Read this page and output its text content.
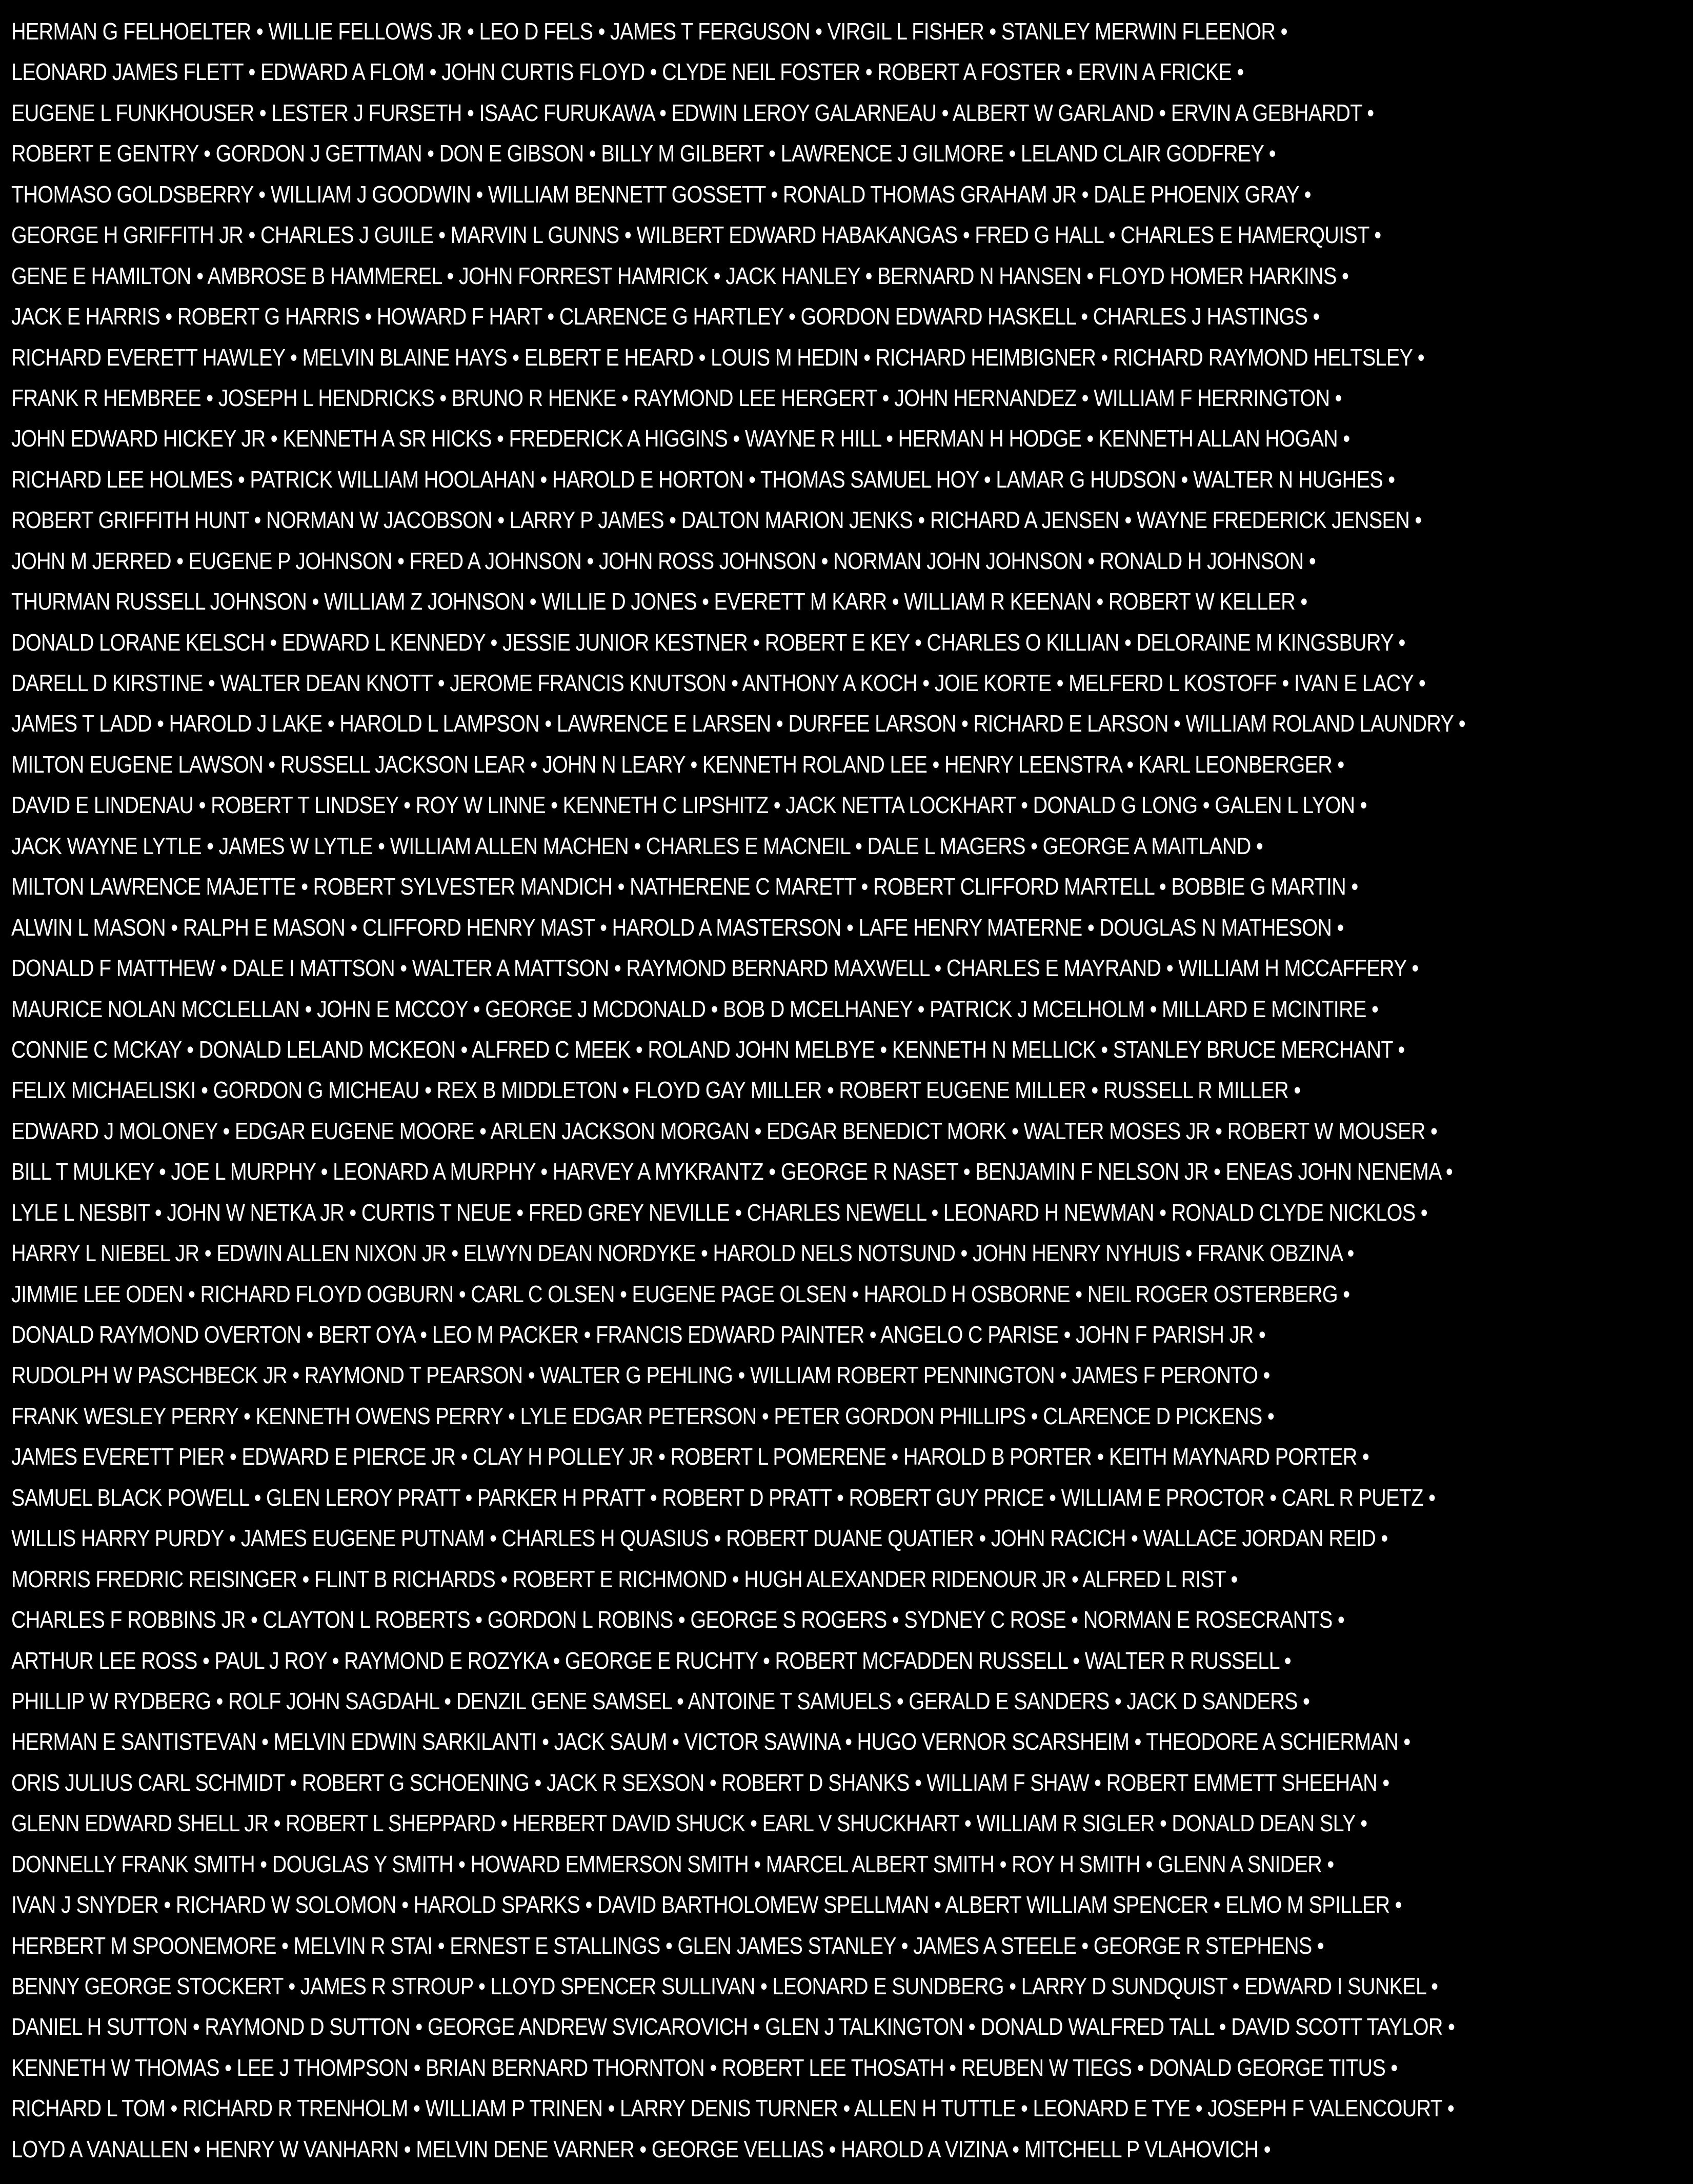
HERMAN G FELHOELTER • WILLIE FELLOWS JR • LEO D FELS • JAMES T FERGUSON • VIRGIL L FISHER • STANLEY MERWIN FLEENOR •
LEONARD JAMES FLETT • EDWARD A FLOM • JOHN CURTIS FLOYD • CLYDE NEIL FOSTER • ROBERT A FOSTER • ERVIN A FRICKE •
EUGENE L FUNKHOUSER • LESTER J FURSETH • ISAAC FURUKAWA • EDWIN LEROY GALARNEAU • ALBERT W GARLAND • ERVIN A GEBHARDT •
ROBERT E GENTRY • GORDON J GETTMAN • DON E GIBSON • BILLY M GILBERT • LAWRENCE J GILMORE • LELAND CLAIR GODFREY •
THOMASO GOLDSBERRY • WILLIAM J GOODWIN • WILLIAM BENNETT GOSSETT • RONALD THOMAS GRAHAM JR • DALE PHOENIX GRAY •
GEORGE H GRIFFITH JR • CHARLES J GUILE • MARVIN L GUNNS • WILBERT EDWARD HABAKANGAS • FRED G HALL • CHARLES E HAMERQUIST •
GENE E HAMILTON • AMBROSE B HAMMEREL • JOHN FORREST HAMRICK • JACK HANLEY • BERNARD N HANSEN • FLOYD HOMER HARKINS •
JACK E HARRIS • ROBERT G HARRIS • HOWARD F HART • CLARENCE G HARTLEY • GORDON EDWARD HASKELL • CHARLES J HASTINGS •
RICHARD EVERETT HAWLEY • MELVIN BLAINE HAYS • ELBERT E HEARD • LOUIS M HEDIN • RICHARD HEIMBIGNER • RICHARD RAYMOND HELTSLEY •
FRANK R HEMBREE • JOSEPH L HENDRICKS • BRUNO R HENKE • RAYMOND LEE HERGERT • JOHN HERNANDEZ • WILLIAM F HERRINGTON •
JOHN EDWARD HICKEY JR • KENNETH A SR HICKS • FREDERICK A HIGGINS • WAYNE R HILL • HERMAN H HODGE • KENNETH ALLAN HOGAN •
RICHARD LEE HOLMES • PATRICK WILLIAM HOOLAHAN • HAROLD E HORTON • THOMAS SAMUEL HOY • LAMAR G HUDSON • WALTER N HUGHES •
ROBERT GRIFFITH HUNT • NORMAN W JACOBSON • LARRY P JAMES • DALTON MARION JENKS • RICHARD A JENSEN • WAYNE FREDERICK JENSEN •
JOHN M JERRED • EUGENE P JOHNSON • FRED A JOHNSON • JOHN ROSS JOHNSON • NORMAN JOHN JOHNSON • RONALD H JOHNSON •
THURMAN RUSSELL JOHNSON • WILLIAM Z JOHNSON • WILLIE D JONES • EVERETT M KARR • WILLIAM R KEENAN • ROBERT W KELLER •
DONALD LORANE KELSCH • EDWARD L KENNEDY • JESSIE JUNIOR KESTNER • ROBERT E KEY • CHARLES O KILLIAN • DELORAINE M KINGSBURY •
DARELL D KIRSTINE • WALTER DEAN KNOTT • JEROME FRANCIS KNUTSON • ANTHONY A KOCH • JOIE KORTE • MELFERD L KOSTOFF • IVAN E LACY •
JAMES T LADD • HAROLD J LAKE • HAROLD L LAMPSON • LAWRENCE E LARSEN • DURFEE LARSON • RICHARD E LARSON • WILLIAM ROLAND LAUNDRY •
MILTON EUGENE LAWSON • RUSSELL JACKSON LEAR • JOHN N LEARY • KENNETH ROLAND LEE • HENRY LEENSTRA • KARL LEONBERGER •
DAVID E LINDENAU • ROBERT T LINDSEY • ROY W LINNE • KENNETH C LIPSHITZ • JACK NETTA LOCKHART • DONALD G LONG • GALEN L LYON •
JACK WAYNE LYTLE • JAMES W LYTLE • WILLIAM ALLEN MACHEN • CHARLES E MACNEIL • DALE L MAGERS • GEORGE A MAITLAND •
MILTON LAWRENCE MAJETTE • ROBERT SYLVESTER MANDICH • NATHERENE C MARETT • ROBERT CLIFFORD MARTELL • BOBBIE G MARTIN •
ALWIN L MASON • RALPH E MASON • CLIFFORD HENRY MAST • HAROLD A MASTERSON • LAFE HENRY MATERNE • DOUGLAS N MATHESON •
DONALD F MATTHEW • DALE I MATTSON • WALTER A MATTSON • RAYMOND BERNARD MAXWELL • CHARLES E MAYRAND • WILLIAM H MCCAFFERY •
MAURICE NOLAN MCCLELLAN • JOHN E MCCOY • GEORGE J MCDONALD • BOB D MCELHANEY • PATRICK J MCELHOLM • MILLARD E MCINTIRE •
CONNIE C MCKAY • DONALD LELAND MCKEON • ALFRED C MEEK • ROLAND JOHN MELBYE • KENNETH N MELLICK • STANLEY BRUCE MERCHANT •
FELIX MICHAELISKI • GORDON G MICHEAU • REX B MIDDLETON • FLOYD GAY MILLER • ROBERT EUGENE MILLER • RUSSELL R MILLER •
EDWARD J MOLONEY • EDGAR EUGENE MOORE • ARLEN JACKSON MORGAN • EDGAR BENEDICT MORK • WALTER MOSES JR • ROBERT W MOUSER •
BILL T MULKEY • JOE L MURPHY • LEONARD A MURPHY • HARVEY A MYKRANTZ • GEORGE R NASET • BENJAMIN F NELSON JR • ENEAS JOHN NENEMA •
LYLE L NESBIT • JOHN W NETKA JR • CURTIS T NEUE • FRED GREY NEVILLE • CHARLES NEWELL • LEONARD H NEWMAN • RONALD CLYDE NICKLOS •
HARRY L NIEBEL JR • EDWIN ALLEN NIXON JR • ELWYN DEAN NORDYKE • HAROLD NELS NOTSUND • JOHN HENRY NYHUIS • FRANK OBZINA •
JIMMIE LEE ODEN • RICHARD FLOYD OGBURN • CARL C OLSEN • EUGENE PAGE OLSEN • HAROLD H OSBORNE • NEIL ROGER OSTERBERG •
DONALD RAYMOND OVERTON • BERT OYA • LEO M PACKER • FRANCIS EDWARD PAINTER • ANGELO C PARISE • JOHN F PARISH JR •
RUDOLPH W PASCHBECK JR • RAYMOND T PEARSON • WALTER G PEHLING • WILLIAM ROBERT PENNINGTON • JAMES F PERONTO •
FRANK WESLEY PERRY • KENNETH OWENS PERRY • LYLE EDGAR PETERSON • PETER GORDON PHILLIPS • CLARENCE D PICKENS •
JAMES EVERETT PIER • EDWARD E PIERCE JR • CLAY H POLLEY JR • ROBERT L POMERENE • HAROLD B PORTER • KEITH MAYNARD PORTER •
SAMUEL BLACK POWELL • GLEN LEROY PRATT • PARKER H PRATT • ROBERT D PRATT • ROBERT GUY PRICE • WILLIAM E PROCTOR • CARL R PUETZ •
WILLIS HARRY PURDY • JAMES EUGENE PUTNAM • CHARLES H QUASIUS • ROBERT DUANE QUATIER • JOHN RACICH • WALLACE JORDAN REID •
MORRIS FREDRIC REISINGER • FLINT B RICHARDS • ROBERT E RICHMOND • HUGH ALEXANDER RIDENOUR JR • ALFRED L RIST •
CHARLES F ROBBINS JR • CLAYTON L ROBERTS • GORDON L ROBINS • GEORGE S ROGERS • SYDNEY C ROSE • NORMAN E ROSECRANTS •
ARTHUR LEE ROSS • PAUL J ROY • RAYMOND E ROZYKA • GEORGE E RUCHTY • ROBERT MCFADDEN RUSSELL • WALTER R RUSSELL •
PHILLIP W RYDBERG • ROLF JOHN SAGDAHL • DENZIL GENE SAMSEL • ANTOINE T SAMUELS • GERALD E SANDERS • JACK D SANDERS •
HERMAN E SANTISTEVAN • MELVIN EDWIN SARKILANTI • JACK SAUM • VICTOR SAWINA • HUGO VERNOR SCARSHEIM • THEODORE A SCHIERMAN •
ORIS JULIUS CARL SCHMIDT • ROBERT G SCHOENING • JACK R SEXSON • ROBERT D SHANKS • WILLIAM F SHAW • ROBERT EMMETT SHEEHAN •
GLENN EDWARD SHELL JR • ROBERT L SHEPPARD • HERBERT DAVID SHUCK • EARL V SHUCKHART • WILLIAM R SIGLER • DONALD DEAN SLY •
DONNELLY FRANK SMITH • DOUGLAS Y SMITH • HOWARD EMMERSON SMITH • MARCEL ALBERT SMITH • ROY H SMITH • GLENN A SNIDER •
IVAN J SNYDER • RICHARD W SOLOMON • HAROLD SPARKS • DAVID BARTHOLOMEW SPELLMAN • ALBERT WILLIAM SPENCER • ELMO M SPILLER •
HERBERT M SPOONEMORE • MELVIN R STAI • ERNEST E STALLINGS • GLEN JAMES STANLEY • JAMES A STEELE • GEORGE R STEPHENS •
BENNY GEORGE STOCKERT • JAMES R STROUP • LLOYD SPENCER SULLIVAN • LEONARD E SUNDBERG • LARRY D SUNDQUIST • EDWARD I SUNKEL •
DANIEL H SUTTON • RAYMOND D SUTTON • GEORGE ANDREW SVICAROVICH • GLEN J TALKINGTON • DONALD WALFRED TALL • DAVID SCOTT TAYLOR •
KENNETH W THOMAS • LEE J THOMPSON • BRIAN BERNARD THORNTON • ROBERT LEE THOSATH • REUBEN W TIEGS • DONALD GEORGE TITUS •
RICHARD L TOM • RICHARD R TRENHOLM • WILLIAM P TRINEN • LARRY DENIS TURNER • ALLEN H TUTTLE • LEONARD E TYE • JOSEPH F VALENCOURT •
LOYD A VANALLEN • HENRY W VANHARN • MELVIN DENE VARNER • GEORGE VELLIAS • HAROLD A VIZINA • MITCHELL P VLAHOVICH •
